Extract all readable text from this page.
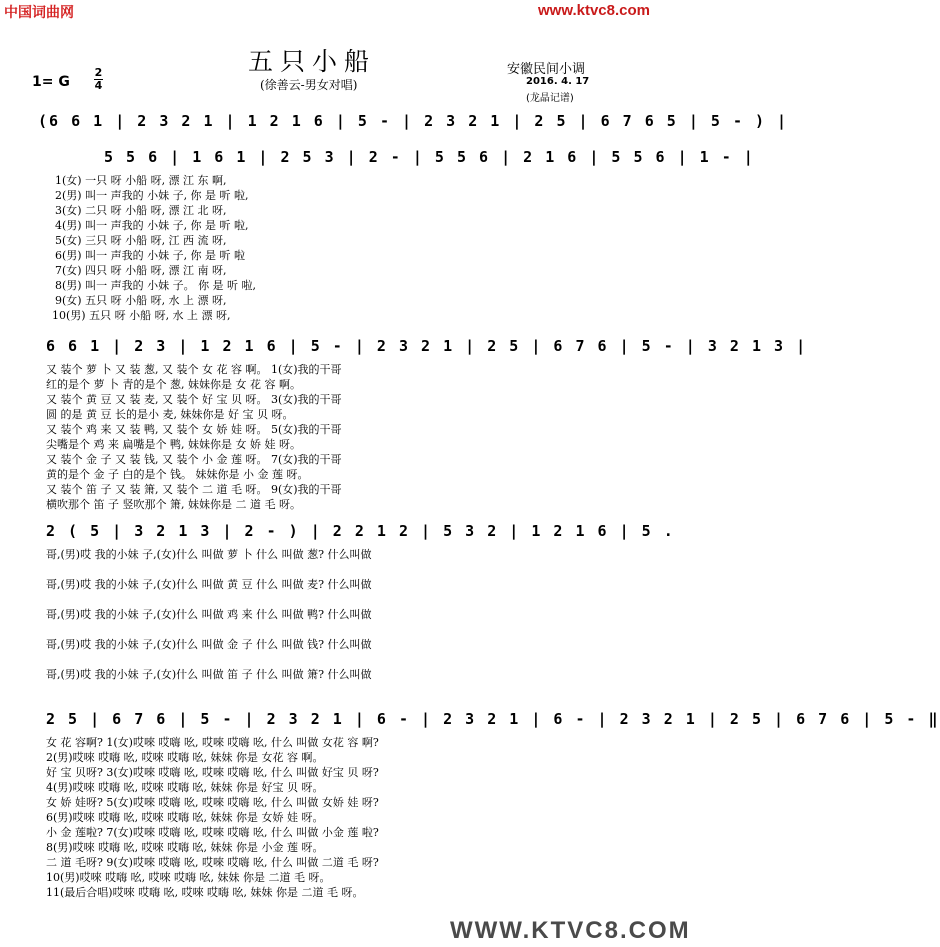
中国词曲网	www.ktvc8.com
五只小船
(徐善云-男女对唱)
安徽民间小调
2016. 4. 17
(龙晶记谱)
1= G
2
4
(6 6 1 | 2 3 2 1 | 1 2 1 6 | 5 - | 2 3 2 1 | 2 5 | 6 7 6 5 | 5 - ) |
5 5 6 | 1 6 1 | 2 5 3 | 2 - | 5 5 6 | 2 1 6 | 5 5 6 | 1 - |
1(女) 一只 呀 小船 呀, 漂 江 东 啊,
2(男) 叫一 声我的 小妹 子, 你 是 听 啦,
3(女) 二只 呀 小船 呀, 漂 江 北 呀,
4(男) 叫一 声我的 小妹 子, 你 是 听 啦,
5(女) 三只 呀 小船 呀, 江 西 流 呀,
6(男) 叫一 声我的 小妹 子, 你 是 听 啦
7(女) 四只 呀 小船 呀, 漂 江 南 呀,
8(男) 叫一 声我的 小妹 子。 你 是 听 啦,
9(女) 五只 呀 小船 呀, 水 上 漂 呀,
10(男) 五只 呀 小船 呀, 水 上 漂 呀,
6 6 1 | 2 3 | 1 2 1 6 | 5 - | 2 3 2 1 | 2 5 | 6 7 6 | 5 - | 3 2 1 3 |
又 装个 萝 卜 又 装 葱, 又 装个 女 花 容 啊。 1(女)我的干哥
红的是个 萝 卜 青的是个 葱, 妹妹你是 女 花 容 啊。
又 装个 黄 豆 又 装 麦, 又 装个 好 宝 贝 呀。 3(女)我的干哥
圆 的是 黄 豆 长的是小 麦, 妹妹你是 好 宝 贝 呀。
又 装个 鸡 来 又 装 鸭, 又 装个 女 娇 娃 呀。 5(女)我的干哥
尖嘴是个 鸡 来 扁嘴是个 鸭, 妹妹你是 女 娇 娃 呀。
又 装个 金 子 又 装 钱, 又 装个 小 金 莲 呀。 7(女)我的干哥
黄的是个 金 子 白的是个 钱。 妹妹你是 小 金 莲 呀。
又 装个 笛 子 又 装 箫, 又 装个 二 道 毛 呀。 9(女)我的干哥
横吹那个 笛 子 竖吹那个 箫, 妹妹你是 二 道 毛 呀。
2 ( 5 | 3 2 1 3 | 2 - ) | 2 2 1 2 | 5 3 2 | 1 2 1 6 | 5 .
哥,(男)哎 我的小妹 子,(女)什么 叫做 萝 卜 什么 叫做 葱? 什么叫做
哥,(男)哎 我的小妹 子,(女)什么 叫做 黄 豆 什么 叫做 麦? 什么叫做
哥,(男)哎 我的小妹 子,(女)什么 叫做 鸡 来 什么 叫做 鸭? 什么叫做
哥,(男)哎 我的小妹 子,(女)什么 叫做 金 子 什么 叫做 钱? 什么叫做
哥,(男)哎 我的小妹 子,(女)什么 叫做 笛 子 什么 叫做 箫? 什么叫做
2 5 | 6 7 6 | 5 - | 2 3 2 1 | 6 - | 2 3 2 1 | 6 - | 2 3 2 1 | 2 5 | 6 7 6 | 5 - ‖
女 花 容啊? 1(女)哎唻 哎嗨 吆, 哎唻 哎嗨 吆, 什么 叫做 女花 容 啊?
2(男)哎唻 哎嗨 吆, 哎唻 哎嗨 吆, 妹妹 你是 女花 容 啊。
好 宝 贝呀? 3(女)哎唻 哎嗨 吆, 哎唻 哎嗨 吆, 什么 叫做 好宝 贝 呀?
4(男)哎唻 哎嗨 吆, 哎唻 哎嗨 吆, 妹妹 你是 好宝 贝 呀。
女 娇 娃呀? 5(女)哎唻 哎嗨 吆, 哎唻 哎嗨 吆, 什么 叫做 女娇 娃 呀?
6(男)哎唻 哎嗨 吆, 哎唻 哎嗨 吆, 妹妹 你是 女娇 娃 呀。
小 金 莲啦? 7(女)哎唻 哎嗨 吆, 哎唻 哎嗨 吆, 什么 叫做 小金 莲 啦?
8(男)哎唻 哎嗨 吆, 哎唻 哎嗨 吆, 妹妹 你是 小金 莲 呀。
二 道 毛呀? 9(女)哎唻 哎嗨 吆, 哎唻 哎嗨 吆, 什么 叫做 二道 毛 呀?
10(男)哎唻 哎嗨 吆, 哎唻 哎嗨 吆, 妹妹 你是 二道 毛 呀。
11(最后合唱)哎唻 哎嗨 吆, 哎唻 哎嗨 吆, 妹妹 你是 二道 毛 呀。
WWW.KTVC8.COM
